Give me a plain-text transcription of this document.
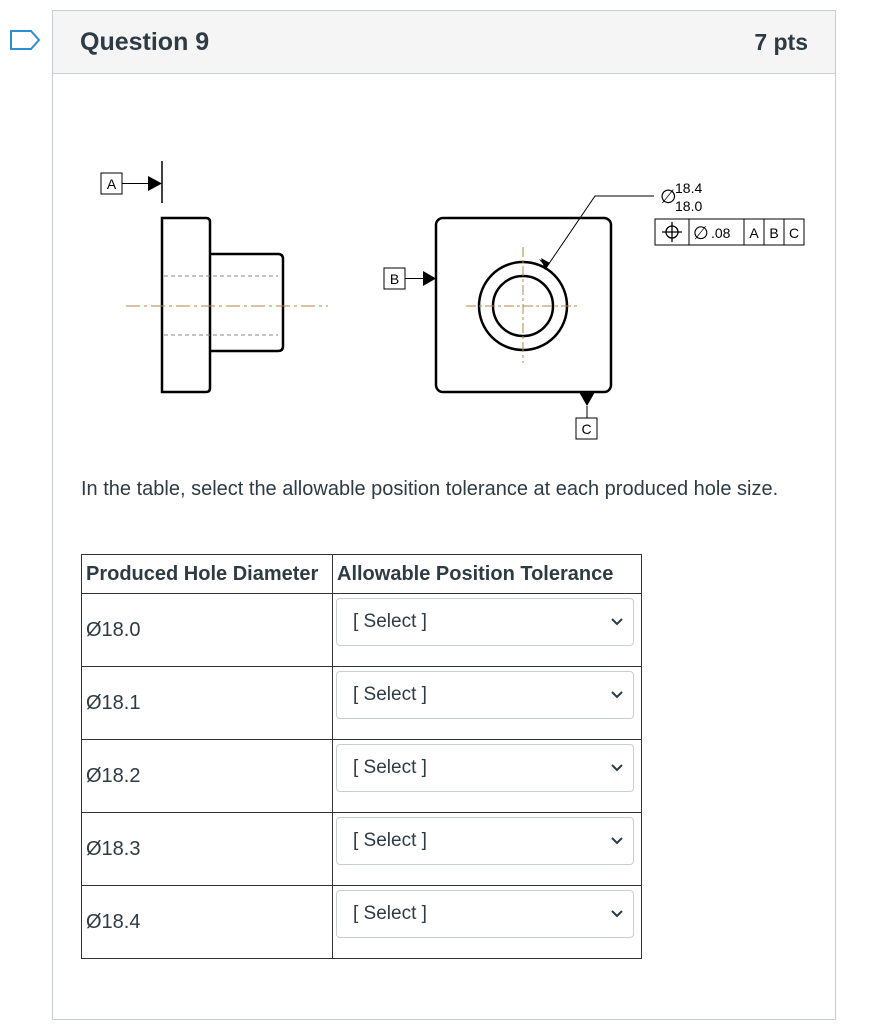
Question 9	7 pts
A
B
∅
18.4
18.0
∅ .08 A B C
C
In the table, select the allowable position tolerance at each produced hole size.
Produced Hole Diameter	Allowable Position Tolerance
Ø18.0	[ Select ]

Ø18.1	[ Select ]

Ø18.2	[ Select ]

Ø18.3	[ Select ]

Ø18.4	[ Select ]
